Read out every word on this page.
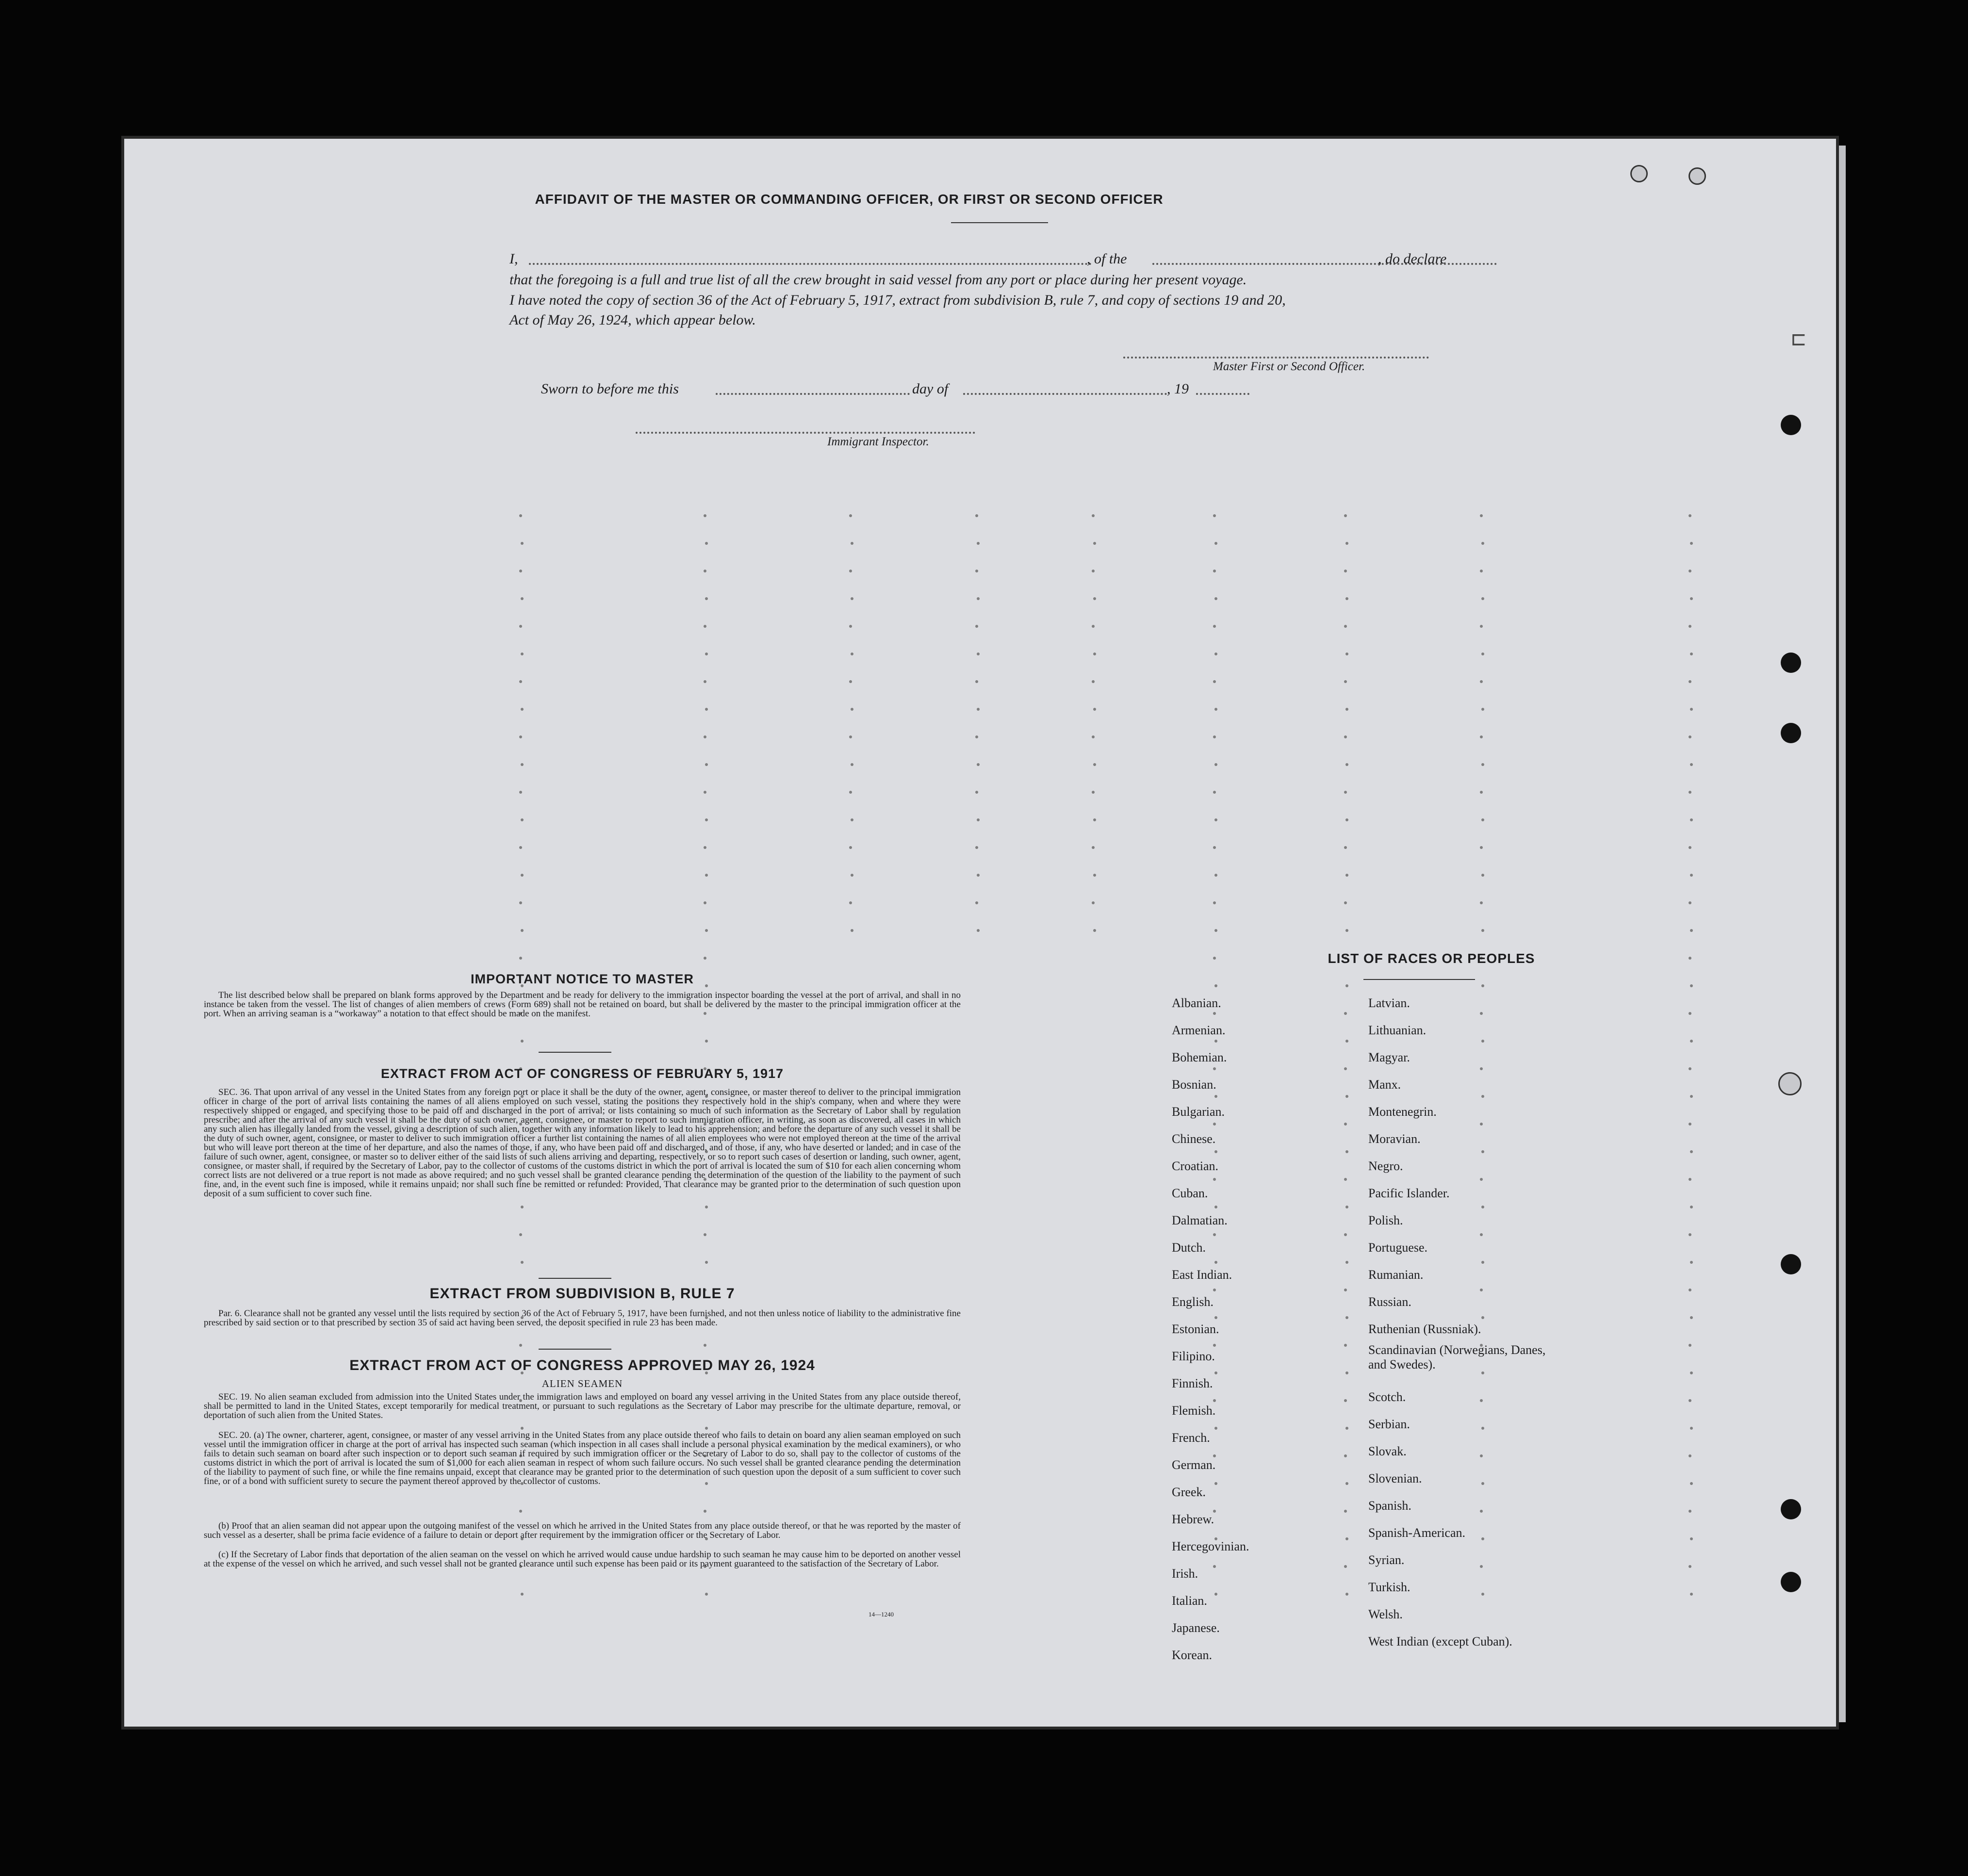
AFFIDAVIT OF THE MASTER OR COMMANDING OFFICER, OR FIRST OR SECOND OFFICER
I,	, of the	, do declare
that the foregoing is a full and true list of all the crew brought in said vessel from any port or place during her present voyage.
I have noted the copy of section 36 of the Act of February 5, 1917, extract from subdivision B, rule 7, and copy of sections 19 and 20,
Act of May 26, 1924, which appear below.
Master First or Second Officer.
Sworn to before me this	day of	, 19
Immigrant Inspector.
IMPORTANT NOTICE TO MASTER
The list described below shall be prepared on blank forms approved by the Department and be ready for delivery to the immigration inspector boarding the vessel at the port of arrival, and shall in no instance be taken from the vessel. The list of changes of alien members of crews (Form 689) shall not be retained on board, but shall be delivered by the master to the principal immigration officer at the port. When an arriving seaman is a “workaway” a notation to that effect should be made on the manifest.
EXTRACT FROM ACT OF CONGRESS OF FEBRUARY 5, 1917
SEC. 36. That upon arrival of any vessel in the United States from any foreign port or place it shall be the duty of the owner, agent, consignee, or master thereof to deliver to the principal immigration officer in charge of the port of arrival lists containing the names of all aliens employed on such vessel, stating the positions they respectively hold in the ship's company, when and where they were respectively shipped or engaged, and specifying those to be paid off and discharged in the port of arrival; or lists containing so much of such information as the Secretary of Labor shall by regulation prescribe; and after the arrival of any such vessel it shall be the duty of such owner, agent, consignee, or master to report to such immigration officer, in writing, as soon as discovered, all cases in which any such alien has illegally landed from the vessel, giving a description of such alien, together with any information likely to lead to his apprehension; and before the departure of any such vessel it shall be the duty of such owner, agent, consignee, or master to deliver to such immigration officer a further list containing the names of all alien employees who were not employed thereon at the time of the arrival but who will leave port thereon at the time of her departure, and also the names of those, if any, who have been paid off and discharged, and of those, if any, who have deserted or landed; and in case of the failure of such owner, agent, consignee, or master so to deliver either of the said lists of such aliens arriving and departing, respectively, or so to report such cases of desertion or landing, such owner, agent, consignee, or master shall, if required by the Secretary of Labor, pay to the collector of customs of the customs district in which the port of arrival is located the sum of $10 for each alien concerning whom correct lists are not delivered or a true report is not made as above required; and no such vessel shall be granted clearance pending the determination of the question of the liability to the payment of such fine, and, in the event such fine is imposed, while it remains unpaid; nor shall such fine be remitted or refunded: Provided, That clearance may be granted prior to the determination of such question upon deposit of a sum sufficient to cover such fine.
EXTRACT FROM SUBDIVISION B, RULE 7
Par. 6. Clearance shall not be granted any vessel until the lists required by section 36 of the Act of February 5, 1917, have been furnished, and not then unless notice of liability to the administrative fine prescribed by said section or to that prescribed by section 35 of said act having been served, the deposit specified in rule 23 has been made.
EXTRACT FROM ACT OF CONGRESS APPROVED MAY 26, 1924
ALIEN SEAMEN
SEC. 19. No alien seaman excluded from admission into the United States under the immigration laws and employed on board any vessel arriving in the United States from any place outside thereof, shall be permitted to land in the United States, except temporarily for medical treatment, or pursuant to such regulations as the Secretary of Labor may prescribe for the ultimate departure, removal, or deportation of such alien from the United States.
SEC. 20. (a) The owner, charterer, agent, consignee, or master of any vessel arriving in the United States from any place outside thereof who fails to detain on board any alien seaman employed on such vessel until the immigration officer in charge at the port of arrival has inspected such seaman (which inspection in all cases shall include a personal physical examination by the medical examiners), or who fails to detain such seaman on board after such inspection or to deport such seaman if required by such immigration officer or the Secretary of Labor to do so, shall pay to the collector of customs of the customs district in which the port of arrival is located the sum of $1,000 for each alien seaman in respect of whom such failure occurs. No such vessel shall be granted clearance pending the determination of the liability to payment of such fine, or while the fine remains unpaid, except that clearance may be granted prior to the determination of such question upon the deposit of a sum sufficient to cover such fine, or of a bond with sufficient surety to secure the payment thereof approved by the collector of customs.
(b) Proof that an alien seaman did not appear upon the outgoing manifest of the vessel on which he arrived in the United States from any place outside thereof, or that he was reported by the master of such vessel as a deserter, shall be prima facie evidence of a failure to detain or deport after requirement by the immigration officer or the Secretary of Labor.
(c) If the Secretary of Labor finds that deportation of the alien seaman on the vessel on which he arrived would cause undue hardship to such seaman he may cause him to be deported on another vessel at the expense of the vessel on which he arrived, and such vessel shall not be granted clearance until such expense has been paid or its payment guaranteed to the satisfaction of the Secretary of Labor.
14—1240
LIST OF RACES OR PEOPLES
Albanian.
Armenian.
Bohemian.
Bosnian.
Bulgarian.
Chinese.
Croatian.
Cuban.
Dalmatian.
Dutch.
East Indian.
English.
Estonian.
Filipino.
Finnish.
Flemish.
French.
German.
Greek.
Hebrew.
Hercegovinian.
Irish.
Italian.
Japanese.
Korean.
Latvian.
Lithuanian.
Magyar.
Manx.
Montenegrin.
Moravian.
Negro.
Pacific Islander.
Polish.
Portuguese.
Rumanian.
Russian.
Ruthenian (Russniak).
Scandinavian (Norwegians, Danes, and Swedes).
Scotch.
Serbian.
Slovak.
Slovenian.
Spanish.
Spanish-American.
Syrian.
Turkish.
Welsh.
West Indian (except Cuban).
⊏
